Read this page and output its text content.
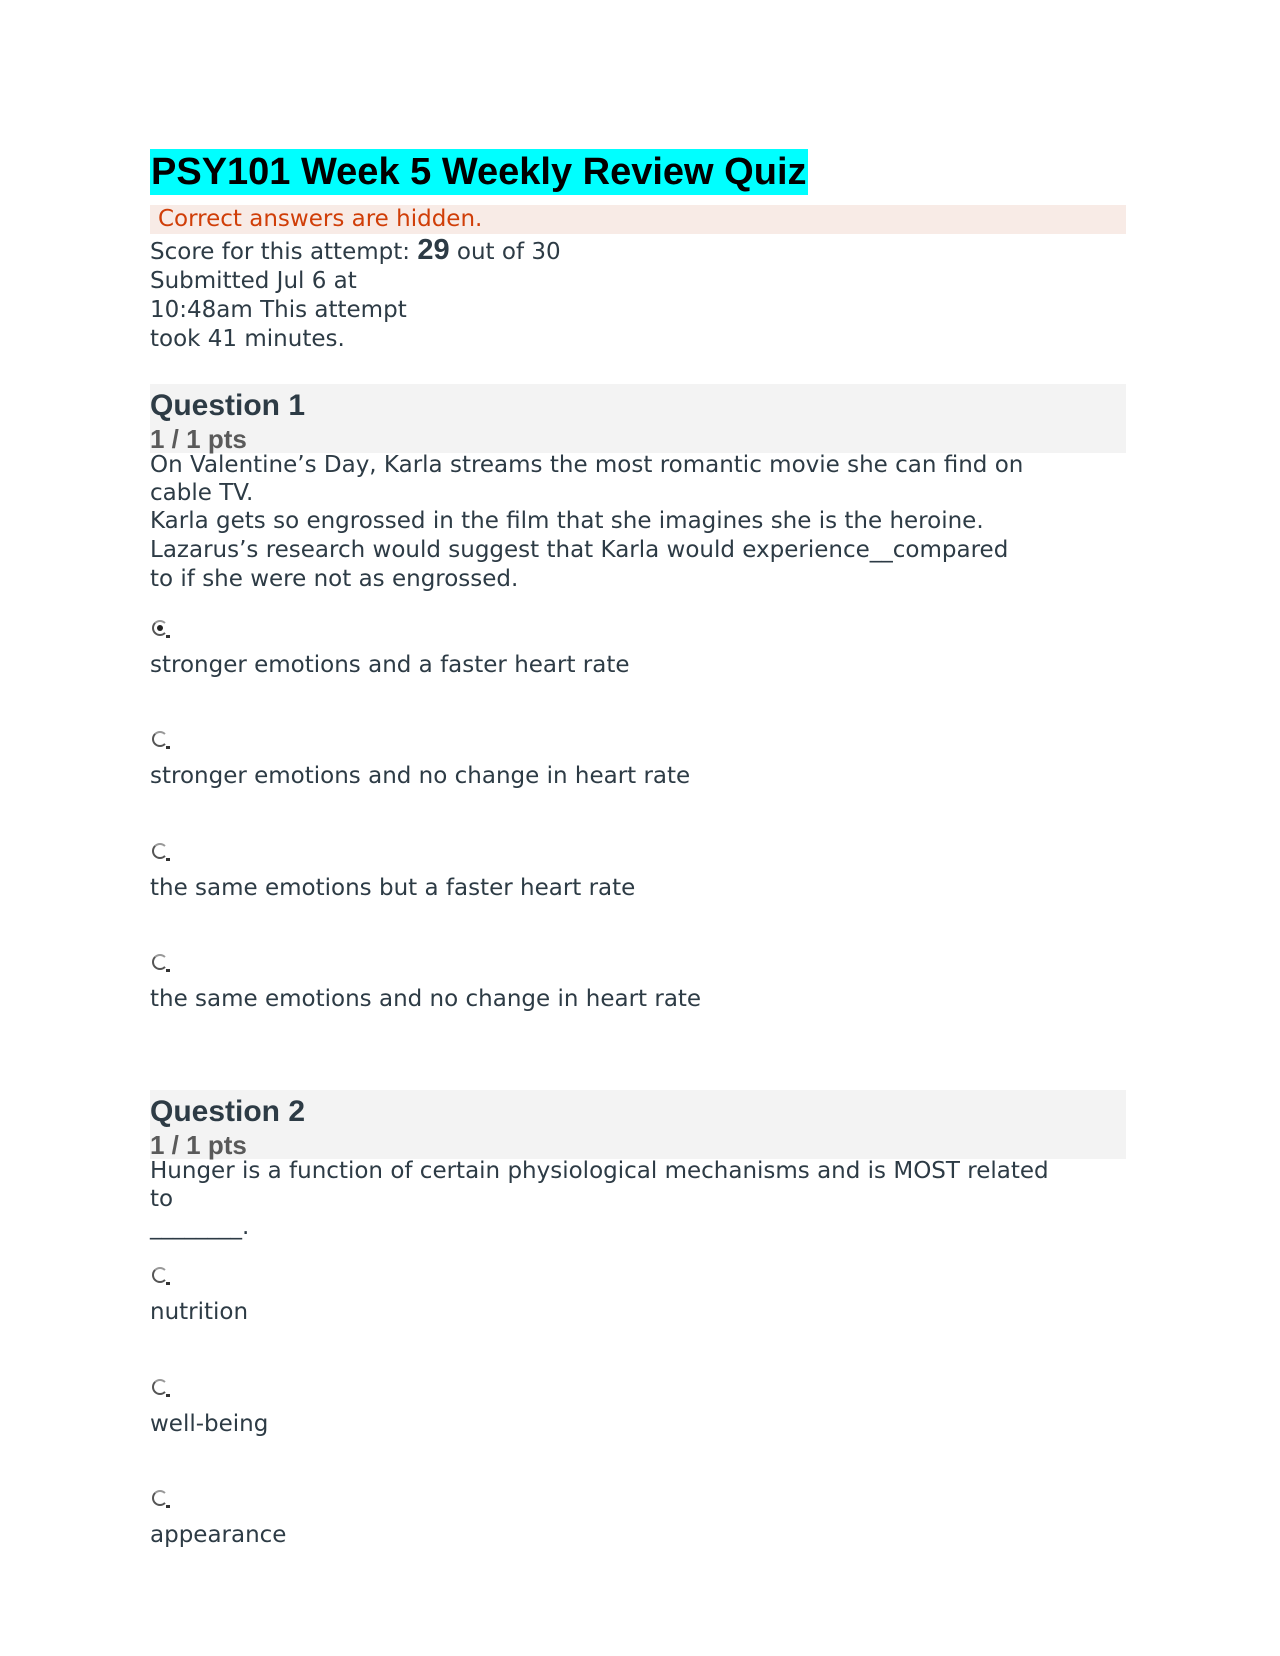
PSY101 Week 5 Weekly Review Quiz
Correct answers are hidden.
Score for this attempt: 29 out of 30
Submitted Jul 6 at
10:48am This attempt
took 41 minutes.
Question 1
1 / 1 pts
On Valentine’s Day, Karla streams the most romantic movie she can find on
cable TV.
Karla gets so engrossed in the film that she imagines she is the heroine.
Lazarus’s research would suggest that Karla would experience__compared
to if she were not as engrossed.
stronger emotions and a faster heart rate
stronger emotions and no change in heart rate
the same emotions but a faster heart rate
the same emotions and no change in heart rate
Question 2
1 / 1 pts
Hunger is a function of certain physiological mechanisms and is MOST related
to
________.
nutrition
well-being
appearance
